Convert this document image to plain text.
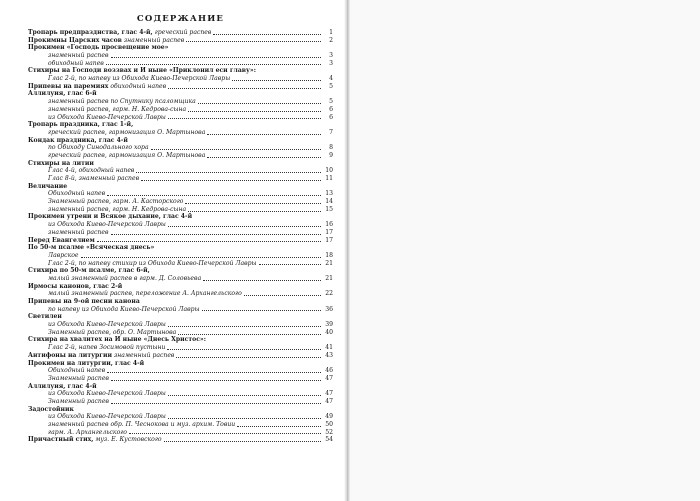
СОДЕРЖАНИЕ
Тропарь предпразднства, глас 4-й, греческий распев	1
Прокимны Царских часов знаменный распев	2
Прокимен «Господь просвещение мое»
знаменный распев	3
обиходный напев	3
Стихиры на Господи воззвах и И ныне «Приклонил еси главу»:
Глас 2-й, по напеву из Обихода Киево-Печерской Лавры	4
Припевы на паремиях обиходный напев	5
Аллилуия, глас 6-й
знаменный распев по Спутнику псаломщика	5
знаменный распев, гарм. Н. Кедрова-сына	6
из Обихода Киево-Печерской Лавры	6
Тропарь праздника, глас 1-й,
греческий распев, гармонизация О. Мартынова	7
Кондак праздника, глас 4-й
по Обиходу Синодального хора	8
греческий распев, гармонизация О. Мартынова	9
Стихиры на литии
Глас 4-й, обиходный напев	10
Глас 8-й, знаменный распев	11
Величание
Обиходный напев	13
Знаменный распев, гарм. А. Касторского	14
знаменный распев, гарм. Н. Кедрова-сына	15
Прокимен утрени и Всякое дыхание, глас 4-й
из Обихода Киево-Печерской Лавры	16
знаменный распев	17
Перед Евангелием	17
По 50-м псалме «Всяческая днесь»
Лаврское	18
Глас 2-й, по напеву стихир из Обихода Киево-Печерской Лавры	21
Стихира по 50-м псалме, глас 6-й,
малый знаменный распев в гарм. Д. Соловьева	21
Ирмосы канонов, глас 2-й
малый знаменный распев, переложение А. Архангельского	22
Припевы на 9-ой песни канона
по напеву из Обихода Киево-Печерской Лавры	36
Светилен
из Обихода Киево-Печерской Лавры	39
Знаменный распев, обр. О. Мартынова	40
Стихира на хвалитех на И ныне «Днесь Христос»:
Глас 2-й, напев Зосимовой пустыни	41
Антифоны на литургии знаменный распев	43
Прокимен на литургии, глас 4-й
Обиходный напев	46
Знаменный распев	47
Аллилуия, глас 4-й
из Обихода Киево-Печерской Лавры	47
Знаменный распев	47
Задостойник
из Обихода Киево-Печерской Лавры	49
знаменный распев обр. П. Чеснокова и муз. архим. Товии	50
гарм. А. Архангельского	52
Причастный стих, муз. Е. Кустовского	54
